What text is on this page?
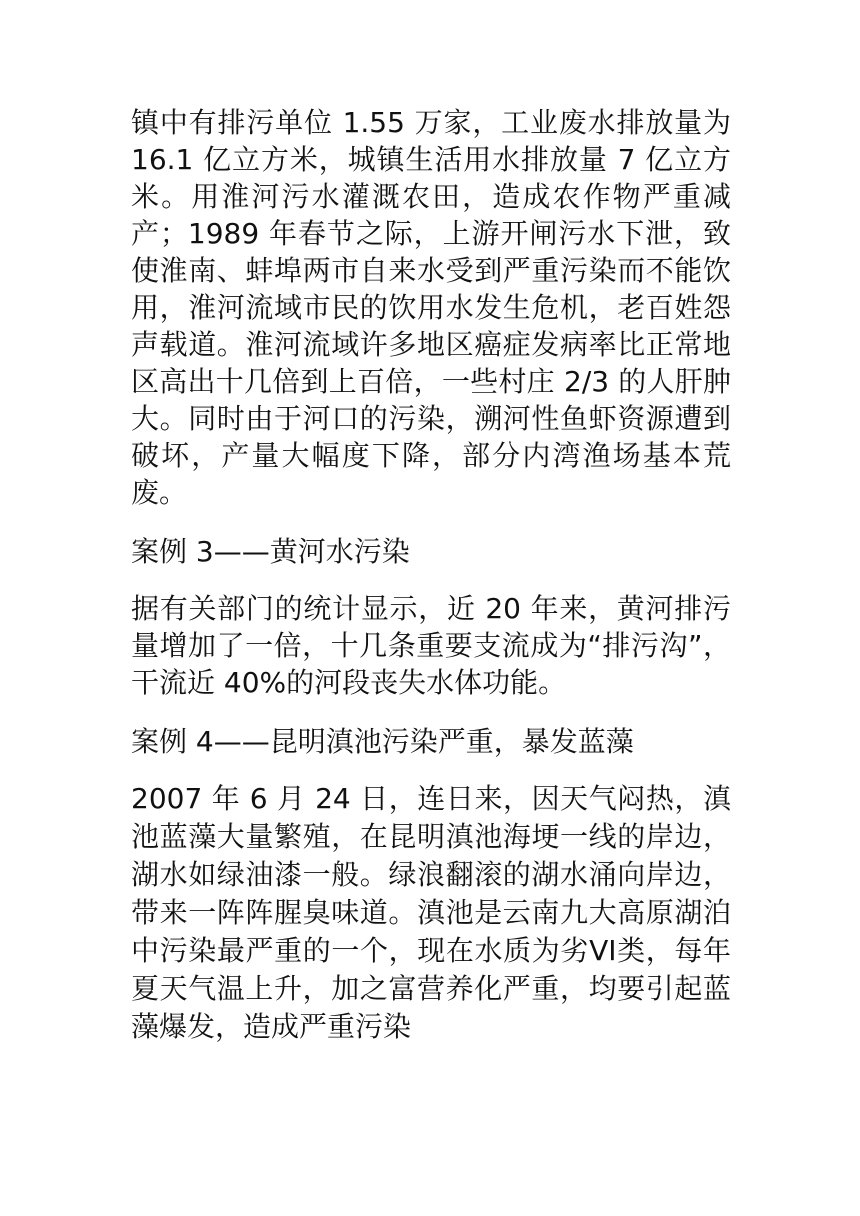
镇中有排污单位 1.55 万家，工业废水排放量为 16.1 亿立方米，城镇生活用水排放量 7 亿立方米。用淮河污水灌溉农田，造成农作物严重减产；1989 年春节之际，上游开闸污水下泄，致使淮南、蚌埠两市自来水受到严重污染而不能饮用，淮河流域市民的饮用水发生危机，老百姓怨声载道。淮河流域许多地区癌症发病率比正常地区高出十几倍到上百倍，一些村庄 2/3 的人肝肿大。同时由于河口的污染，溯河性鱼虾资源遭到破坏，产量大幅度下降，部分内湾渔场基本荒废。

案例 3——黄河水污染

据有关部门的统计显示，近 20 年来，黄河排污量增加了一倍，十几条重要支流成为“排污沟”，干流近 40%的河段丧失水体功能。

案例 4——昆明滇池污染严重，暴发蓝藻

2007 年 6 月 24 日，连日来，因天气闷热，滇池蓝藻大量繁殖，在昆明滇池海埂一线的岸边，湖水如绿油漆一般。绿浪翻滚的湖水涌向岸边，带来一阵阵腥臭味道。滇池是云南九大高原湖泊中污染最严重的一个，现在水质为劣VI类，每年夏天气温上升，加之富营养化严重，均要引起蓝藻爆发，造成严重污染
